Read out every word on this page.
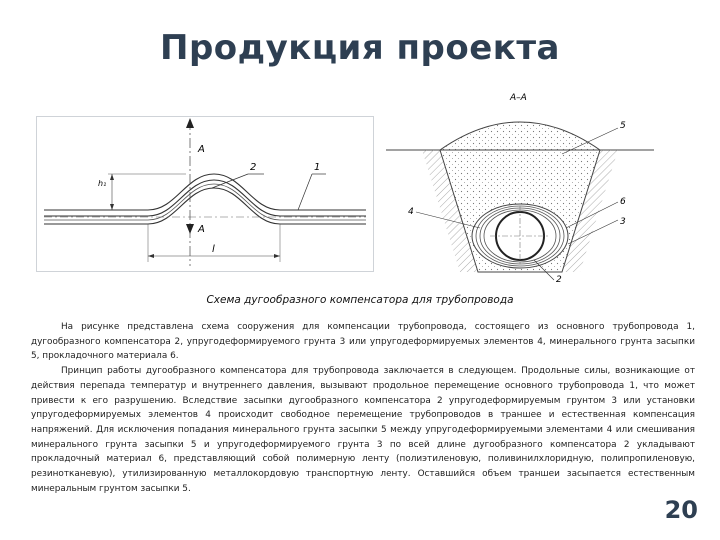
Продукция проекта
A
A
2	1
h₁
l
А–А
5
6
3
4
2
Схема дугообразного компенсатора для трубопровода

На рисунке представлена схема сооружения для компенсации трубопровода, состоящего из основного трубопровода 1, дугообразного компенсатора 2, упругодеформируемого грунта 3 или упругодеформируемых элементов 4, минерального грунта засыпки 5, прокладочного материала 6.

Принцип работы дугообразного компенсатора для трубопровода заключается в следующем. Продольные силы, возникающие от действия перепада температур и внутреннего давления, вызывают продольное перемещение основного трубопровода 1, что может привести к его разрушению. Вследствие засыпки дугообразного компенсатора 2 упругодеформируемым грунтом 3 или установки упругодеформируемых элементов 4 происходит свободное перемещение трубопроводов в траншее и естественная компенсация напряжений. Для исключения попадания минерального грунта засыпки 5 между упругодеформируемыми элементами 4 или смешивания минерального грунта засыпки 5 и упругодеформируемого грунта 3 по всей длине дугообразного компенсатора 2 укладывают прокладочный материал 6, представляющий собой полимерную ленту (полиэтиленовую, поливинилхлоридную, полипропиленовую, резинотканевую), утилизированную металлокордовую транспортную ленту. Оставшийся объем траншеи засыпается естественным минеральным грунтом засыпки 5.

20
